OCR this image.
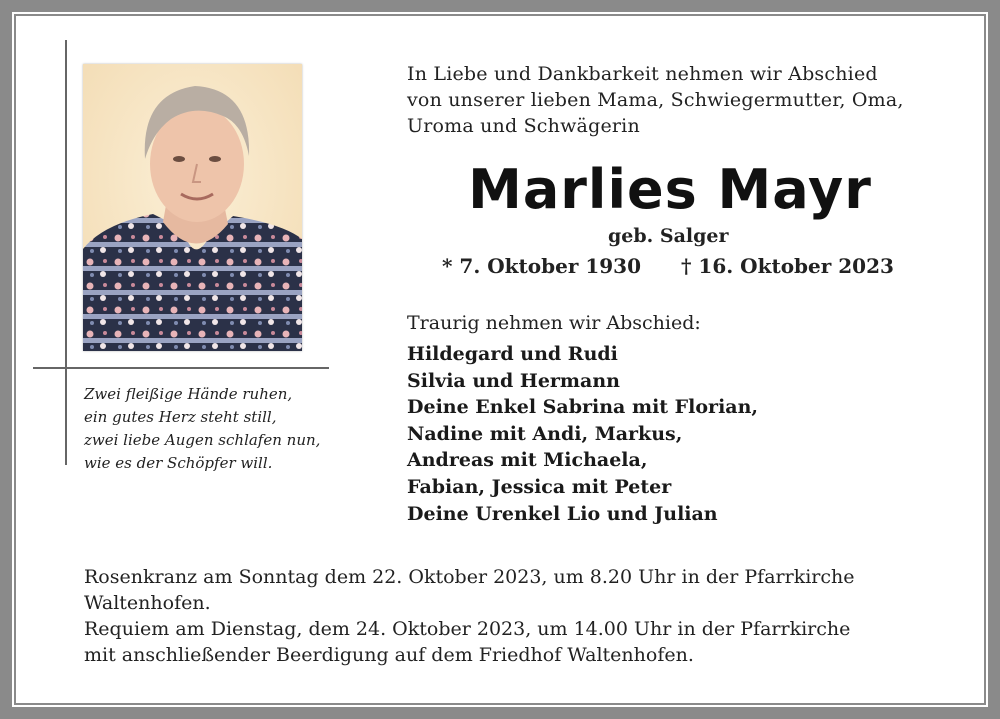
Zwei fleißige Hände ruhen,
ein gutes Herz steht still,
zwei liebe Augen schlafen nun,
wie es der Schöpfer will.
In Liebe und Dankbarkeit nehmen wir Abschied
von unserer lieben Mama, Schwiegermutter, Oma,
Uroma und Schwägerin
Marlies Mayr
geb. Salger
* 7. Oktober 1930 † 16. Oktober 2023
Traurig nehmen wir Abschied:
Hildegard und Rudi
Silvia und Hermann
Deine Enkel Sabrina mit Florian,
Nadine mit Andi, Markus,
Andreas mit Michaela,
Fabian, Jessica mit Peter
Deine Urenkel Lio und Julian
Rosenkranz am Sonntag dem 22. Oktober 2023, um 8.20 Uhr in der Pfarrkirche
Waltenhofen.
Requiem am Dienstag, dem 24. Oktober 2023, um 14.00 Uhr in der Pfarrkirche
mit anschließender Beerdigung auf dem Friedhof Waltenhofen.
